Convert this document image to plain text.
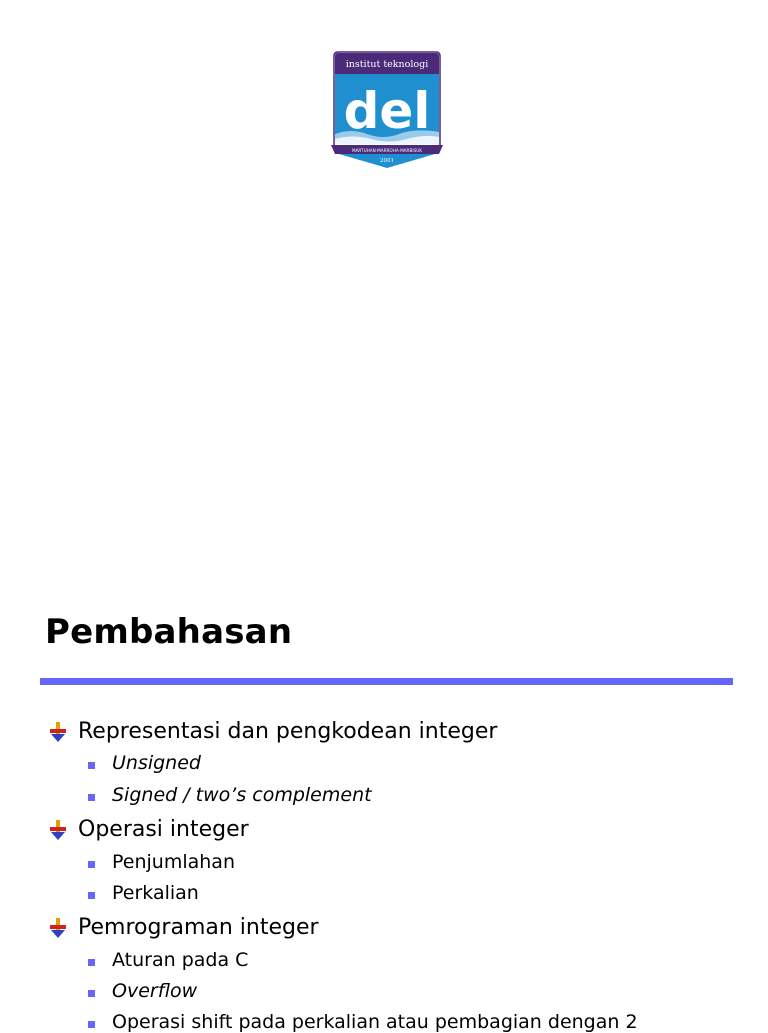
institut teknologi
del
MARTUHAN·MARROHA·MARBISUK
2001
Pembahasan
Representasi dan pengkodean integer
Unsigned
Signed / two’s complement
Operasi integer
Penjumlahan
Perkalian
Pemrograman integer
Aturan pada C
Overflow
Operasi shift pada perkalian atau pembagian dengan 2
